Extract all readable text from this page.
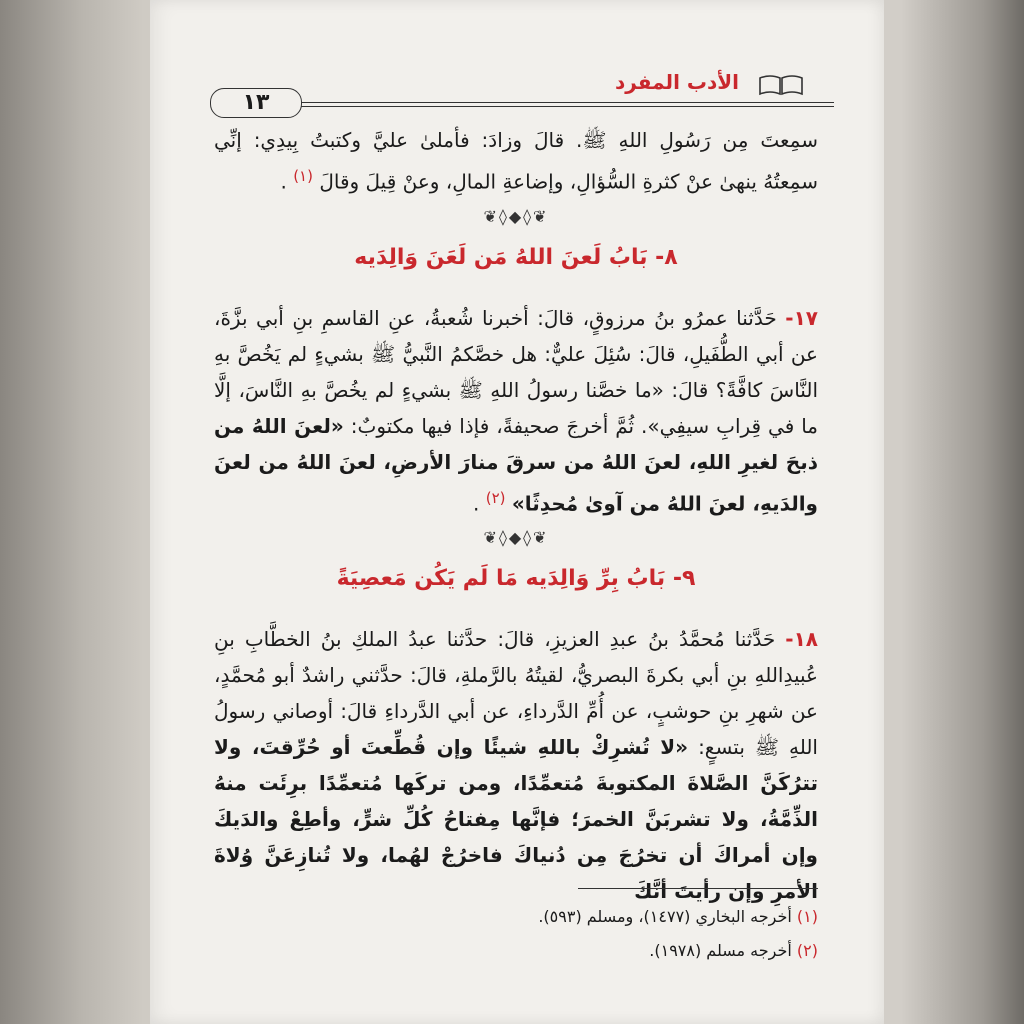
الأدب المفرد
١٣

سمِعتَ مِن رَسُولِ اللهِ ﷺ. قالَ وزادَ: فأملىٰ عليَّ وكتبتُ بِيدِي: إنِّي سمِعتُهُ ينهىٰ عنْ كثرةِ السُّؤالِ، وإضاعةِ المالِ، وعنْ قِيلَ وقالَ $^{(١)}$ .

❦◊◆◊❦
٨- بَابُ لَعنَ اللهُ مَن لَعَنَ وَالِدَيه

١٧- حَدَّثنا عمرُو بنُ مرزوقٍ، قالَ: أخبرنا شُعبةُ، عنِ القاسمِ بنِ أبي بزَّةَ، عن أبي الطُّفَيلِ، قالَ: سُئِلَ عليٌّ: هل خصَّكمُ النَّبيُّ ﷺ بشيءٍ لم يَخُصَّ بهِ النَّاسَ كافَّةً؟ قالَ: «ما خصَّنا رسولُ اللهِ ﷺ بشيءٍ لم يخُصَّ بهِ النَّاسَ، إلَّا ما في قِرابِ سيفِي». ثُمَّ أخرجَ صحيفةً، فإذا فيها مكتوبٌ: «لعنَ اللهُ من ذبحَ لغيرِ اللهِ، لعنَ اللهُ من سرقَ منارَ الأرضِ، لعنَ اللهُ من لعنَ والدَيهِ، لعنَ اللهُ من آوىٰ مُحدِثًا» $^{(٢)}$ .

❦◊◆◊❦
٩- بَابُ بِرِّ وَالِدَيه مَا لَم يَكُن مَعصِيَةً

١٨- حَدَّثنا مُحمَّدُ بنُ عبدِ العزيزِ، قالَ: حدَّثنا عبدُ الملكِ بنُ الخطَّابِ بنِ عُبيدِاللهِ بنِ أبي بكرةَ البصريُّ، لقيتُهُ بالرَّملةِ، قالَ: حدَّثني راشدٌ أبو مُحمَّدٍ، عن شهرِ بنِ حوشبٍ، عن أُمِّ الدَّرداءِ، عن أبي الدَّرداءِ قالَ: أوصاني رسولُ اللهِ ﷺ بتسعٍ: «لا تُشرِكْ باللهِ شيئًا وإن قُطِّعتَ أو حُرِّقتَ، ولا تترُكَنَّ الصَّلاةَ المكتوبةَ مُتعمِّدًا، ومن تركَها مُتعمِّدًا برِئَت منهُ الذِّمَّةُ، ولا تشربَنَّ الخمرَ؛ فإنَّها مِفتاحُ كُلِّ شرٍّ، وأطِعْ والدَيكَ وإن أمراكَ أن تخرُجَ مِن دُنياكَ فاخرُجْ لهُما، ولا تُنازِعَنَّ وُلاةَ الأمرِ وإن رأيتَ أنَّكَ

(١) أخرجه البخاري (١٤٧٧)، ومسلم (٥٩٣).
(٢) أخرجه مسلم (١٩٧٨).
